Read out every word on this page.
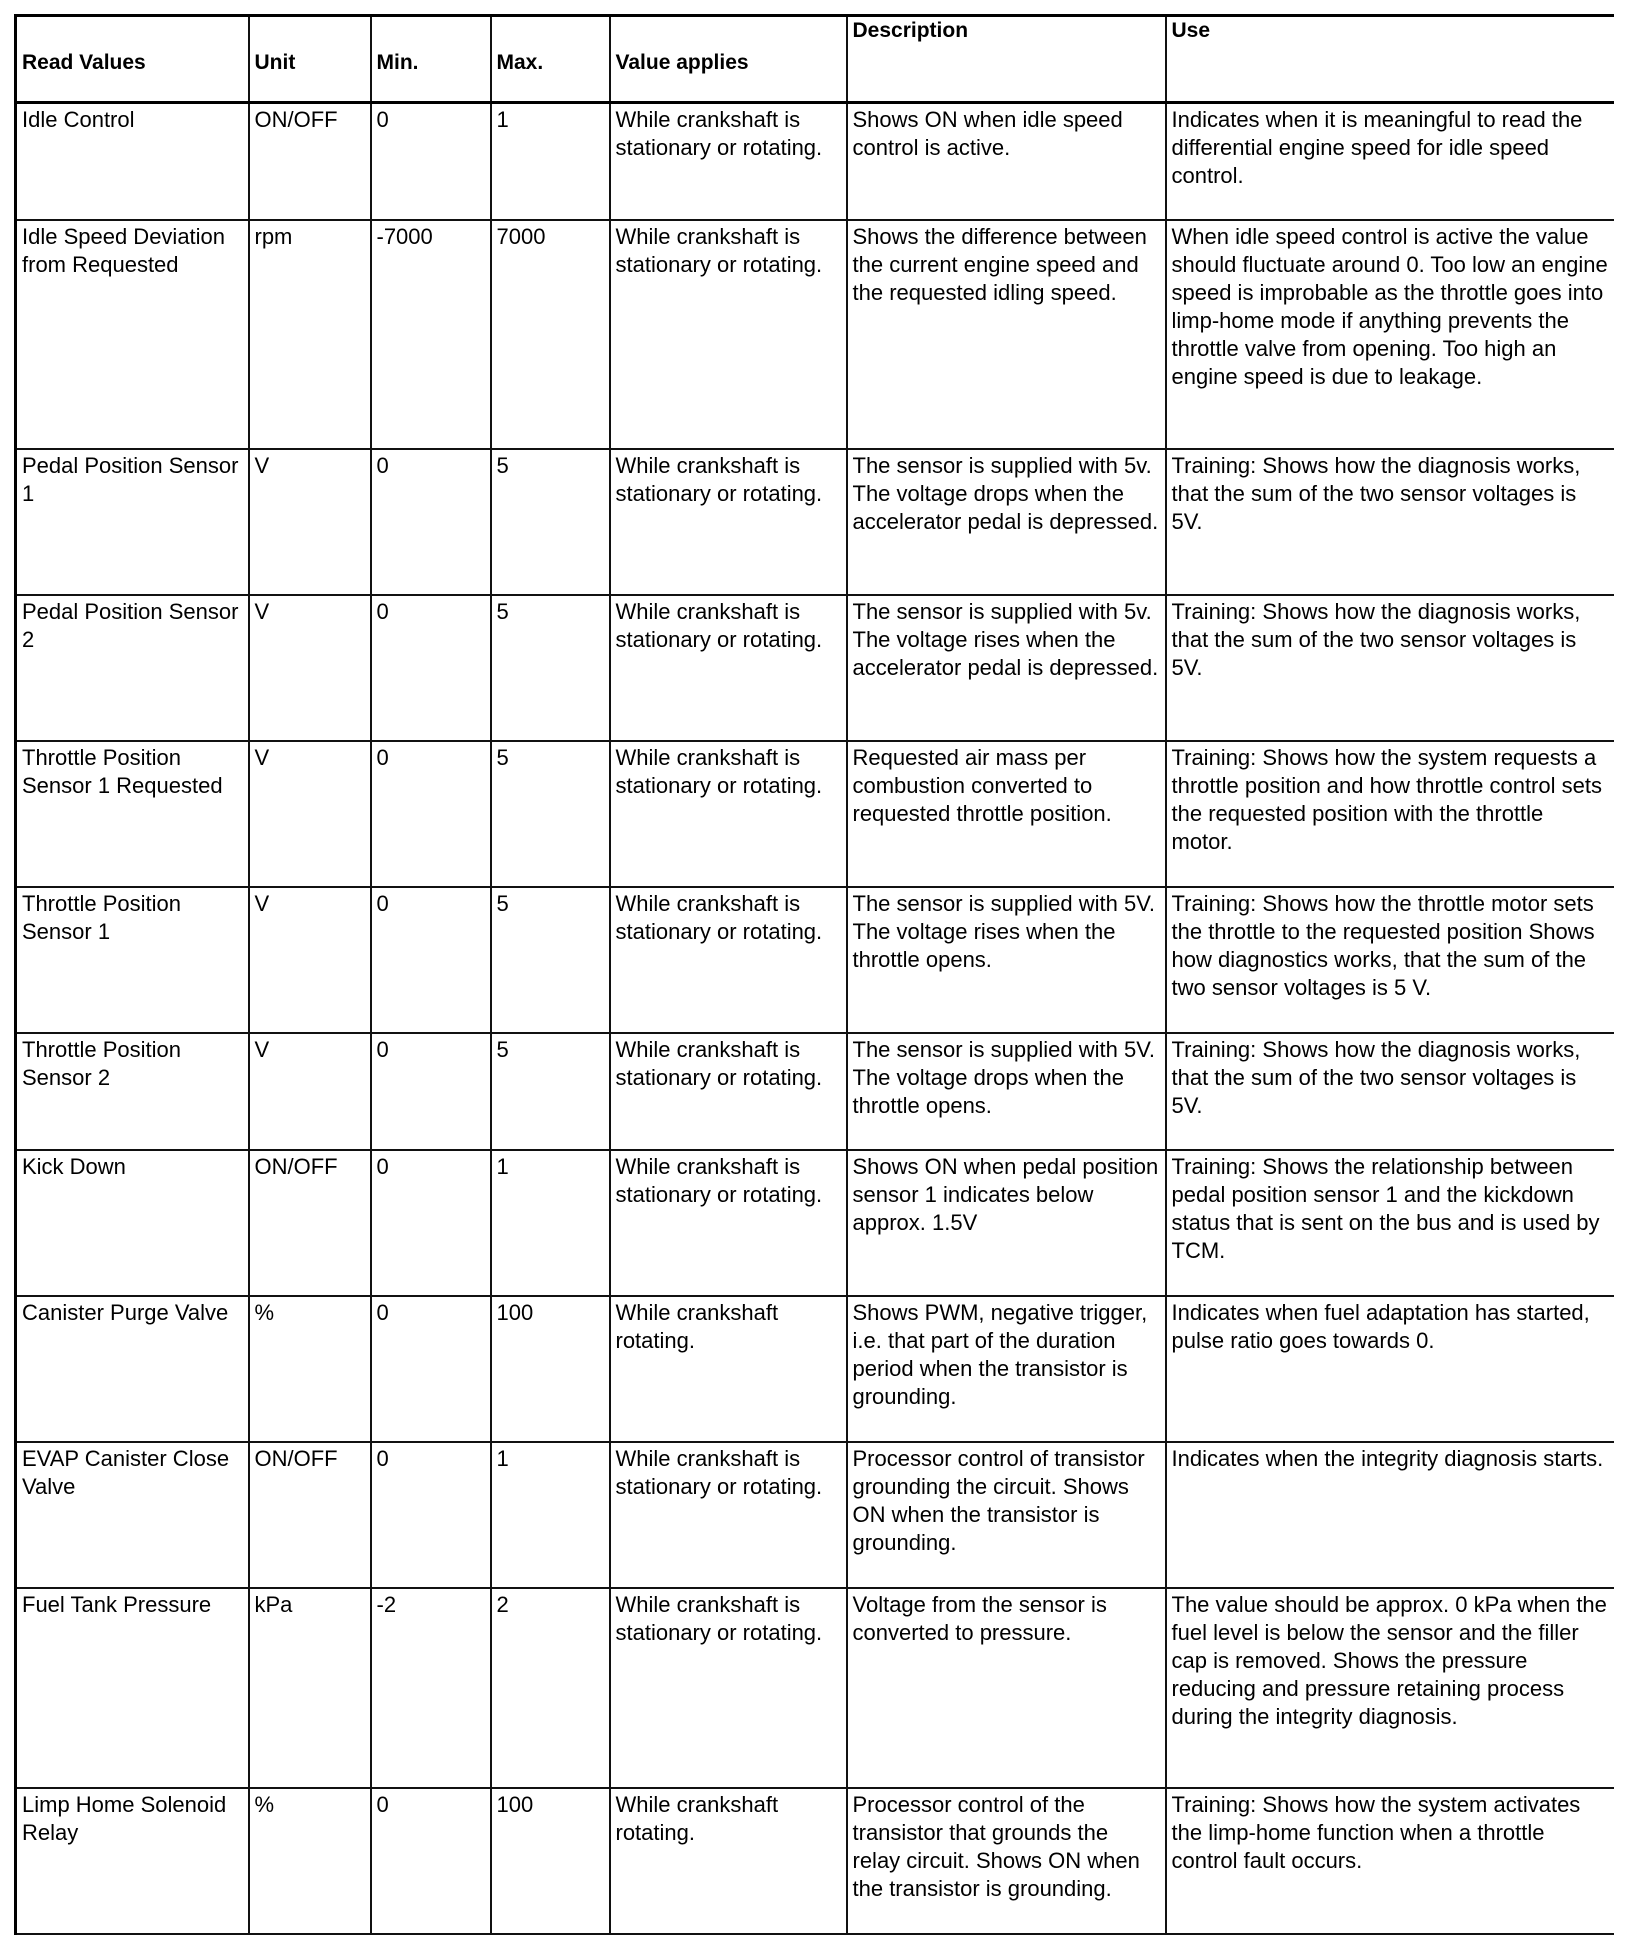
Read Values	Unit	Min.	Max.	Value applies	Description	Use
Idle Control	ON/OFF	0	1	While crankshaft is stationary or rotating.	Shows ON when idle speed control is active.	Indicates when it is meaningful to read the differential engine speed for idle speed control.
Idle Speed Deviation from Requested	rpm	-7000	7000	While crankshaft is stationary or rotating.	Shows the difference between the current engine speed and the requested idling speed.	When idle speed control is active the value should fluctuate around 0. Too low an engine speed is improbable as the throttle goes into limp-home mode if anything prevents the throttle valve from opening. Too high an engine speed is due to leakage.
Pedal Position Sensor 1	V	0	5	While crankshaft is stationary or rotating.	The sensor is supplied with 5v. The voltage drops when the accelerator pedal is depressed.	Training: Shows how the diagnosis works, that the sum of the two sensor voltages is 5V.
Pedal Position Sensor 2	V	0	5	While crankshaft is stationary or rotating.	The sensor is supplied with 5v. The voltage rises when the accelerator pedal is depressed.	Training: Shows how the diagnosis works, that the sum of the two sensor voltages is 5V.
Throttle Position Sensor 1 Requested	V	0	5	While crankshaft is stationary or rotating.	Requested air mass per combustion converted to requested throttle position.	Training: Shows how the system requests a throttle position and how throttle control sets the requested position with the throttle motor.
Throttle Position Sensor 1	V	0	5	While crankshaft is stationary or rotating.	The sensor is supplied with 5V. The voltage rises when the throttle opens.	Training: Shows how the throttle motor sets the throttle to the requested position Shows how diagnostics works, that the sum of the two sensor voltages is 5 V.
Throttle Position Sensor 2	V	0	5	While crankshaft is stationary or rotating.	The sensor is supplied with 5V. The voltage drops when the throttle opens.	Training: Shows how the diagnosis works, that the sum of the two sensor voltages is 5V.
Kick Down	ON/OFF	0	1	While crankshaft is stationary or rotating.	Shows ON when pedal position sensor 1 indicates below approx. 1.5V	Training: Shows the relationship between pedal position sensor 1 and the kickdown status that is sent on the bus and is used by TCM.
Canister Purge Valve	%	0	100	While crankshaft rotating.	Shows PWM, negative trigger, i.e. that part of the duration period when the transistor is grounding.	Indicates when fuel adaptation has started, pulse ratio goes towards 0.
EVAP Canister Close Valve	ON/OFF	0	1	While crankshaft is stationary or rotating.	Processor control of transistor grounding the circuit. Shows ON when the transistor is grounding.	Indicates when the integrity diagnosis starts.
Fuel Tank Pressure	kPa	-2	2	While crankshaft is stationary or rotating.	Voltage from the sensor is converted to pressure.	The value should be approx. 0 kPa when the fuel level is below the sensor and the filler cap is removed. Shows the pressure reducing and pressure retaining process during the integrity diagnosis.
Limp Home Solenoid Relay	%	0	100	While crankshaft rotating.	Processor control of the transistor that grounds the relay circuit. Shows ON when the transistor is grounding.	Training: Shows how the system activates the limp-home function when a throttle control fault occurs.
